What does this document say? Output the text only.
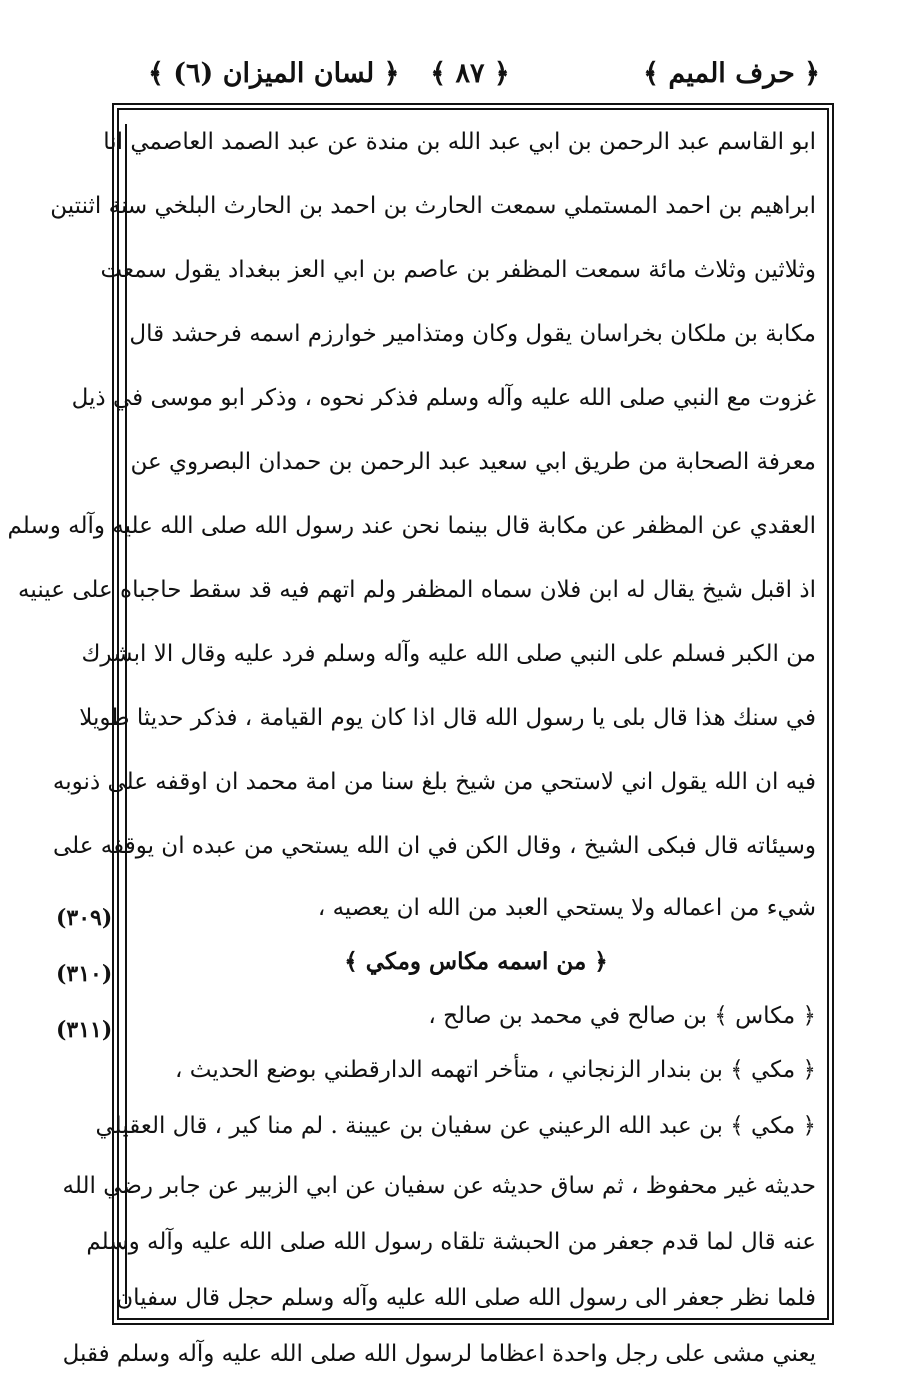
﴿ حرف الميم ﴾
﴿ ٨٧ ﴾
﴿ لسان الميزان (٦) ﴾
ابو القاسم عبد الرحمن بن ابي عبد الله بن مندة عن عبد الصمد العاصمي انا
ابراهيم بن احمد المستملي سمعت الحارث بن احمد بن الحارث البلخي سنة اثنتين
وثلاثين وثلاث مائة سمعت المظفر بن عاصم بن ابي العز ببغداد يقول سمعت
مكابة بن ملكان بخراسان يقول وكان ومتذامير خوارزم اسمه فرحشد قال
غزوت مع النبي صلى الله عليه وآله وسلم فذكر نحوه ، وذكر ابو موسى في ذيل
معرفة الصحابة من طريق ابي سعيد عبد الرحمن بن حمدان البصروي عن
العقدي عن المظفر عن مكابة قال بينما نحن عند رسول الله صلى الله عليه وآله وسلم
اذ اقبل شيخ يقال له ابن فلان سماه المظفر ولم اتهم فيه قد سقط حاجباه على عينيه
من الكبر فسلم على النبي صلى الله عليه وآله وسلم فرد عليه وقال الا ابشرك
في سنك هذا قال بلى يا رسول الله قال اذا كان يوم القيامة ، فذكر حديثا طويلا
فيه ان الله يقول اني لاستحي من شيخ بلغ سنا من امة محمد ان اوقفه على ذنوبه
وسيئاته قال فبكى الشيخ ، وقال الكن في ان الله يستحي من عبده ان يوقفه على
شيء من اعماله ولا يستحي العبد من الله ان يعصيه ،
﴿ من اسمه مكاس ومكي ﴾
﴿ مكاس ﴾ بن صالح في محمد بن صالح ،
﴿ مكي ﴾ بن بندار الزنجاني ، متأخر اتهمه الدارقطني بوضع الحديث ،
﴿ مكي ﴾ بن عبد الله الرعيني عن سفيان بن عيينة . لم منا كير ، قال العقيلي
حديثه غير محفوظ ، ثم ساق حديثه عن سفيان عن ابي الزبير عن جابر رضي الله
عنه قال لما قدم جعفر من الحبشة تلقاه رسول الله صلى الله عليه وآله وسلم
فلما نظر جعفر الى رسول الله صلى الله عليه وآله وسلم حجل قال سفيان
يعني مشى على رجل واحدة اعظاما لرسول الله صلى الله عليه وآله وسلم فقبل
(٣٠٩)
(٣١٠)
(٣١١)
